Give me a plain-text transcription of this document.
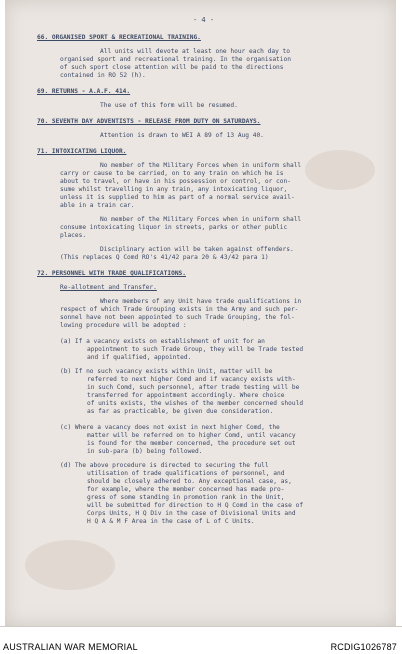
- 4 -
66. ORGANISED SPORT & RECREATIONAL TRAINING.
All units will devote at least one hour each day to
organised sport and recreational training. In the organisation
of such sport close attention will be paid to the directions
contained in RO 52 (h).
69. RETURNS - A.A.F. 414.
The use of this form will be resumed.
70. SEVENTH DAY ADVENTISTS - RELEASE FROM DUTY ON SATURDAYS.
Attention is drawn to WEI A 89 of 13 Aug 40.
71. INTOXICATING LIQUOR.
No member of the Military Forces when in uniform shall
carry or cause to be carried, on to any train on which he is
about to travel, or have in his possession or control, or con-
sume whilst travelling in any train, any intoxicating liquor,
unless it is supplied to him as part of a normal service avail-
able in a train car.
No member of the Military Forces when in uniform shall
consume intoxicating liquor in streets, parks or other public
places.
Disciplinary action will be taken against offenders.
(This replaces Q Comd RO's 41/42 para 20 & 43/42 para 1)
72. PERSONNEL WITH TRADE QUALIFICATIONS.
Re-allotment and Transfer.
Where members of any Unit have trade qualifications in
respect of which Trade Grouping exists in the Army and such per-
sonnel have not been appointed to such Trade Grouping, the fol-
lowing procedure will be adopted :
(a) If a vacancy exists on establishment of unit for an
appointment to such Trade Group, they will be Trade tested
and if qualified, appointed.
(b) If no such vacancy exists within Unit, matter will be
referred to next higher Comd and if vacancy exists with-
in such Comd, such personnel, after trade testing will be
transferred for appointment accordingly. Where choice
of units exists, the wishes of the member concerned should
as far as practicable, be given due consideration.
(c) Where a vacancy does not exist in next higher Comd, the
matter will be referred on to higher Comd, until vacancy
is found for the member concerned, the procedure set out
in sub-para (b) being followed.
(d) The above procedure is directed to securing the full
utilisation of trade qualifications of personnel, and
should be closely adhered to. Any exceptional case, as,
for example, where the member concerned has made pro-
gress of some standing in promotion rank in the Unit,
will be submitted for direction to H Q Comd in the case of
Corps Units, H Q Div in the case of Divisional Units and
H Q A & M F Area in the case of L of C Units.
AUSTRALIAN WAR MEMORIAL	RCDIG1026787
